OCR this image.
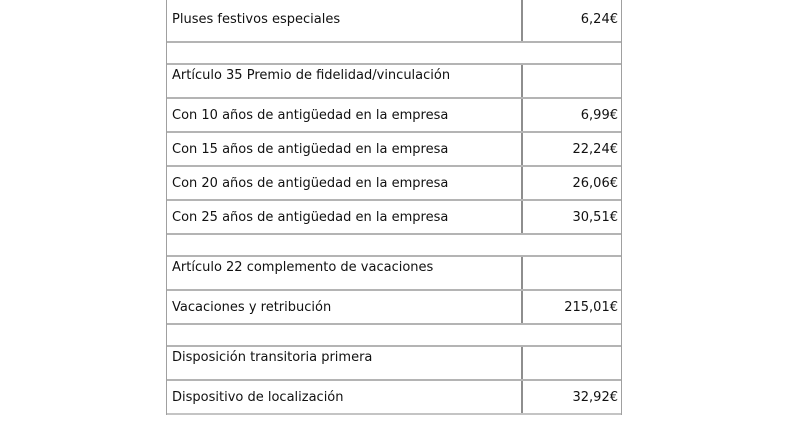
Pluses festivos especiales	6,24€
Artículo 35 Premio de fidelidad/vinculación
Con 10 años de antigüedad en la empresa	6,99€
Con 15 años de antigüedad en la empresa	22,24€
Con 20 años de antigüedad en la empresa	26,06€
Con 25 años de antigüedad en la empresa	30,51€
Artículo 22 complemento de vacaciones
Vacaciones y retribución	215,01€
Disposición transitoria primera
Dispositivo de localización	32,92€
